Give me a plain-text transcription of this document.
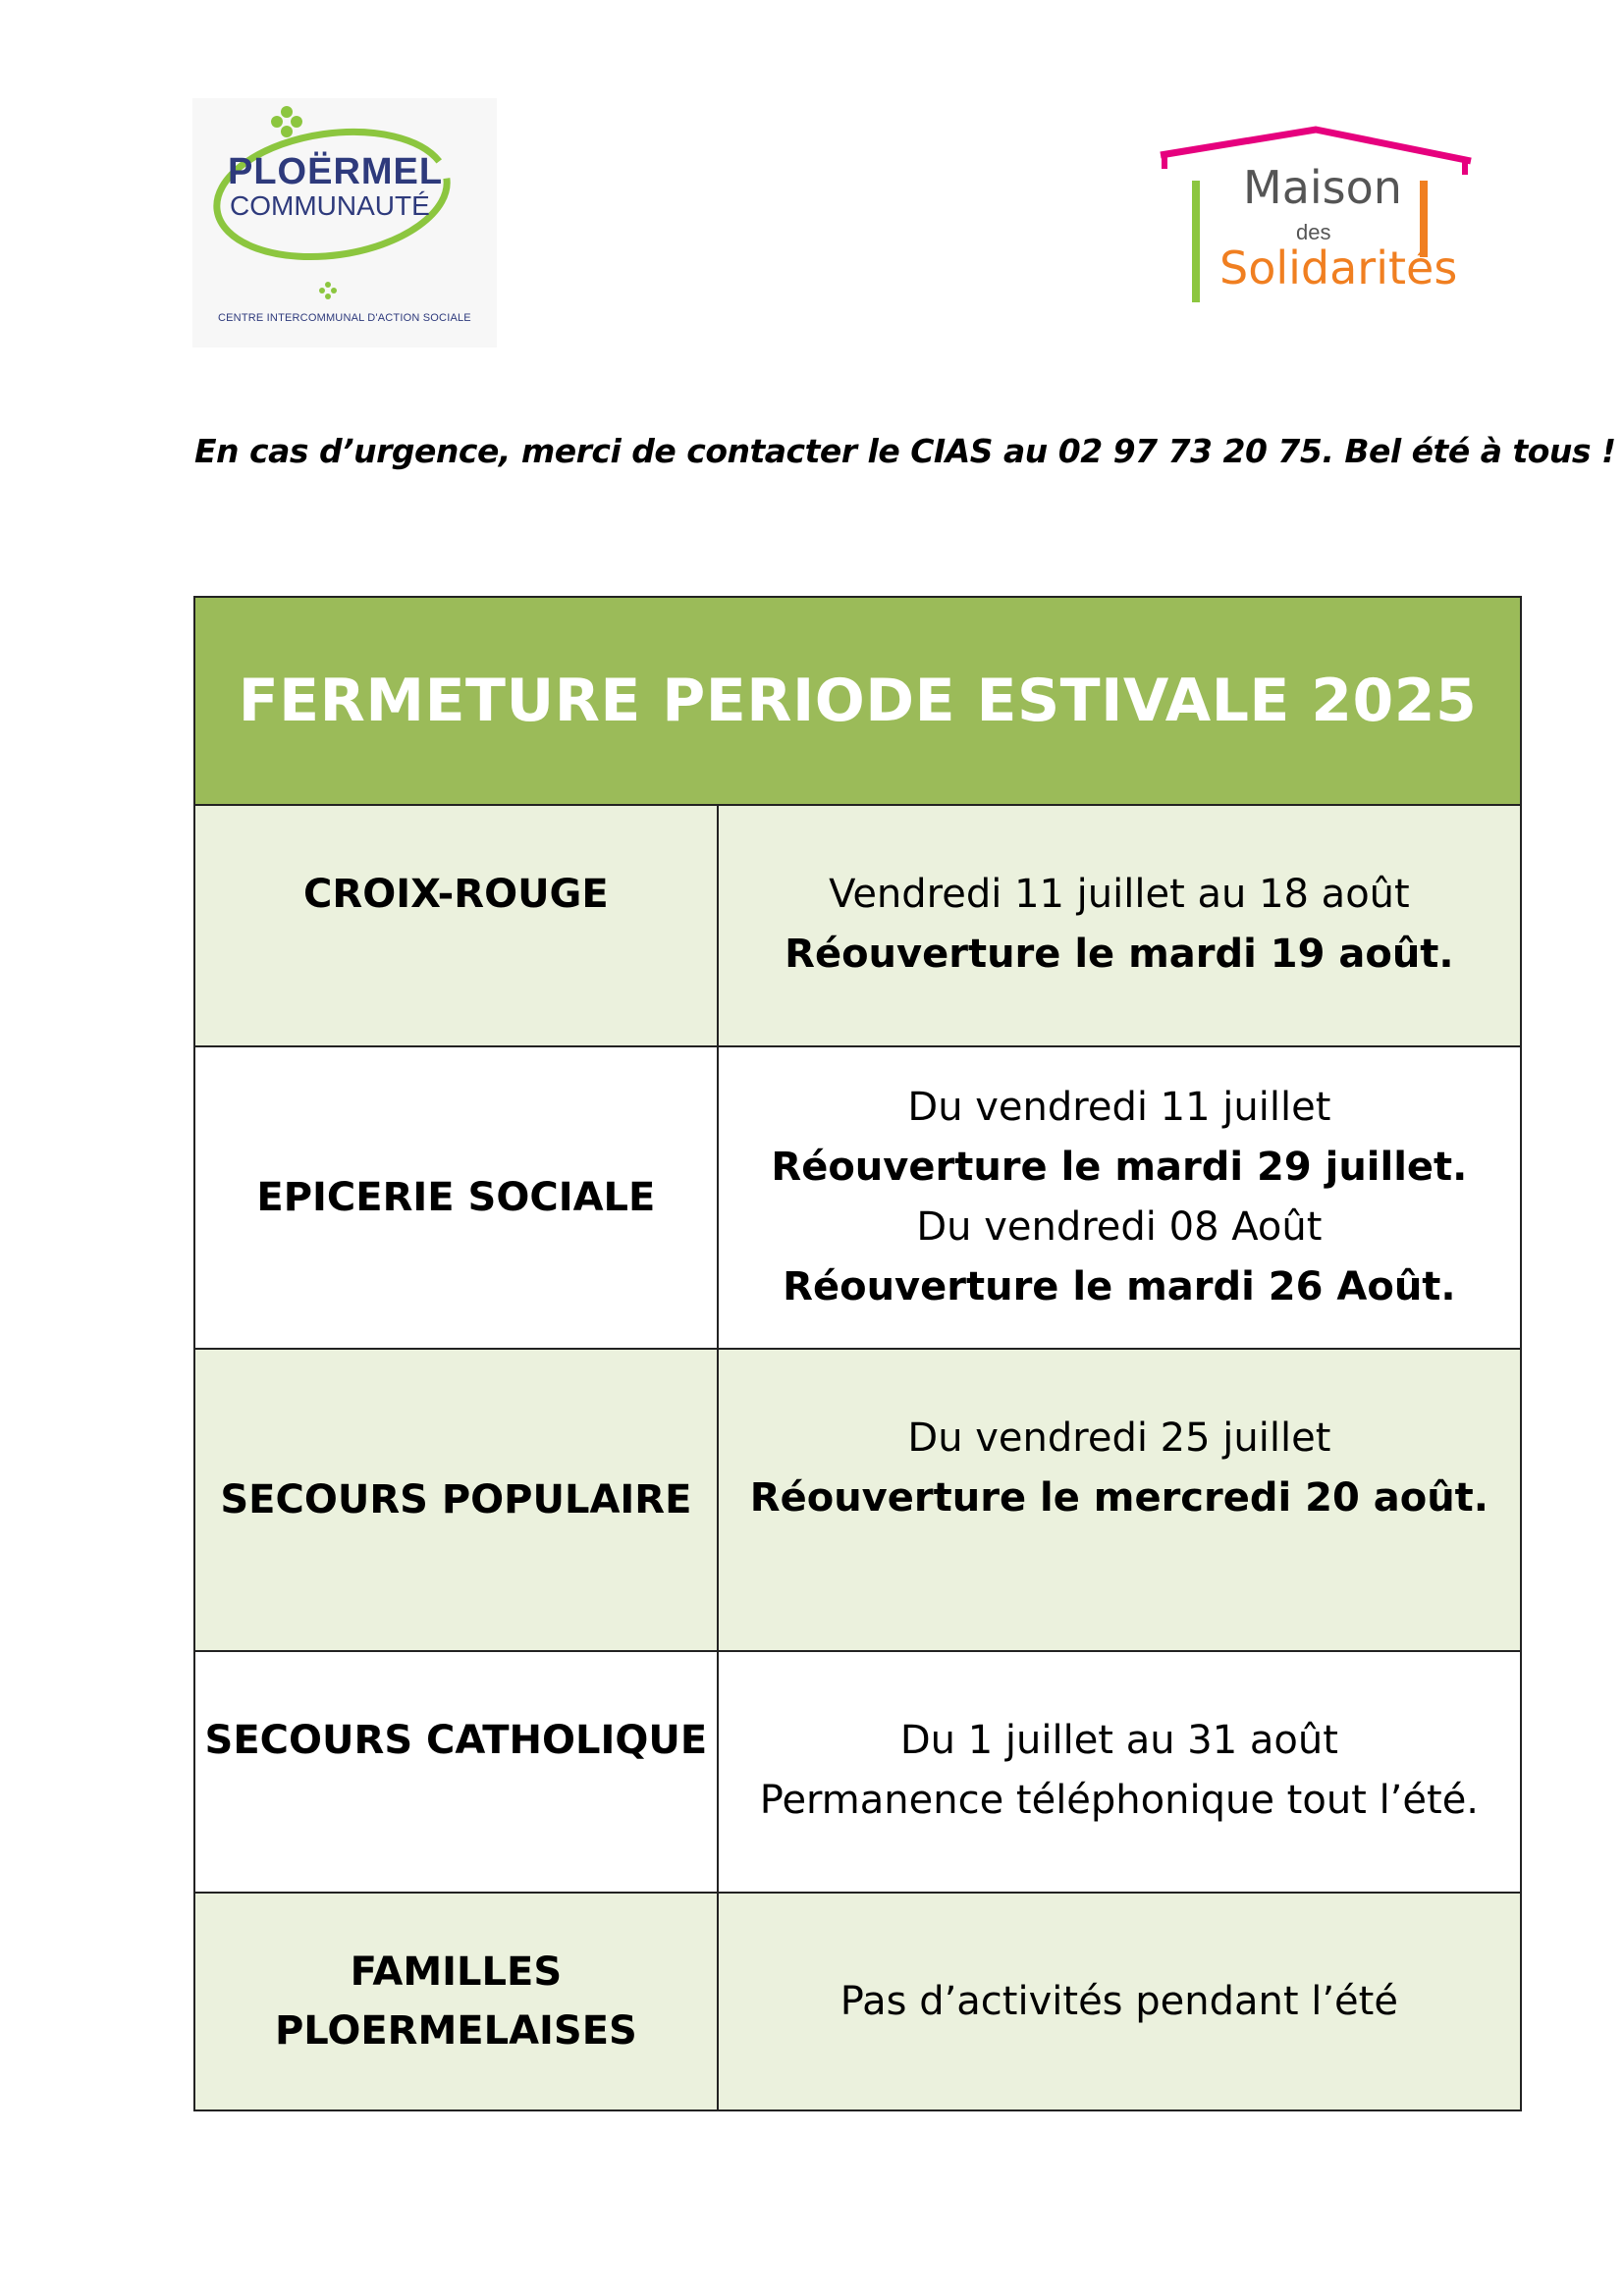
PLOËRMEL
COMMUNAUTÉ
CENTRE INTERCOMMUNAL D'ACTION SOCIALE
Maison
des
Solidarités
En cas d’urgence, merci de contacter le CIAS au 02 97 73 20 75. Bel été à tous !
FERMETURE PERIODE ESTIVALE 2025	

CROIX-ROUGE	Vendredi 11 juillet au 18 août
Réouverture le mardi 19 août.

EPICERIE SOCIALE	Du vendredi 11 juillet
Réouverture le mardi 29 juillet.
Du vendredi 08 Août
Réouverture le mardi 26 Août.

SECOURS POPULAIRE	Du vendredi 25 juillet
Réouverture le mercredi 20 août.

SECOURS CATHOLIQUE	Du 1 juillet au 31 août
Permanence téléphonique tout l’été.

FAMILLES
PLOERMELAISES	Pas d’activités pendant l’été
